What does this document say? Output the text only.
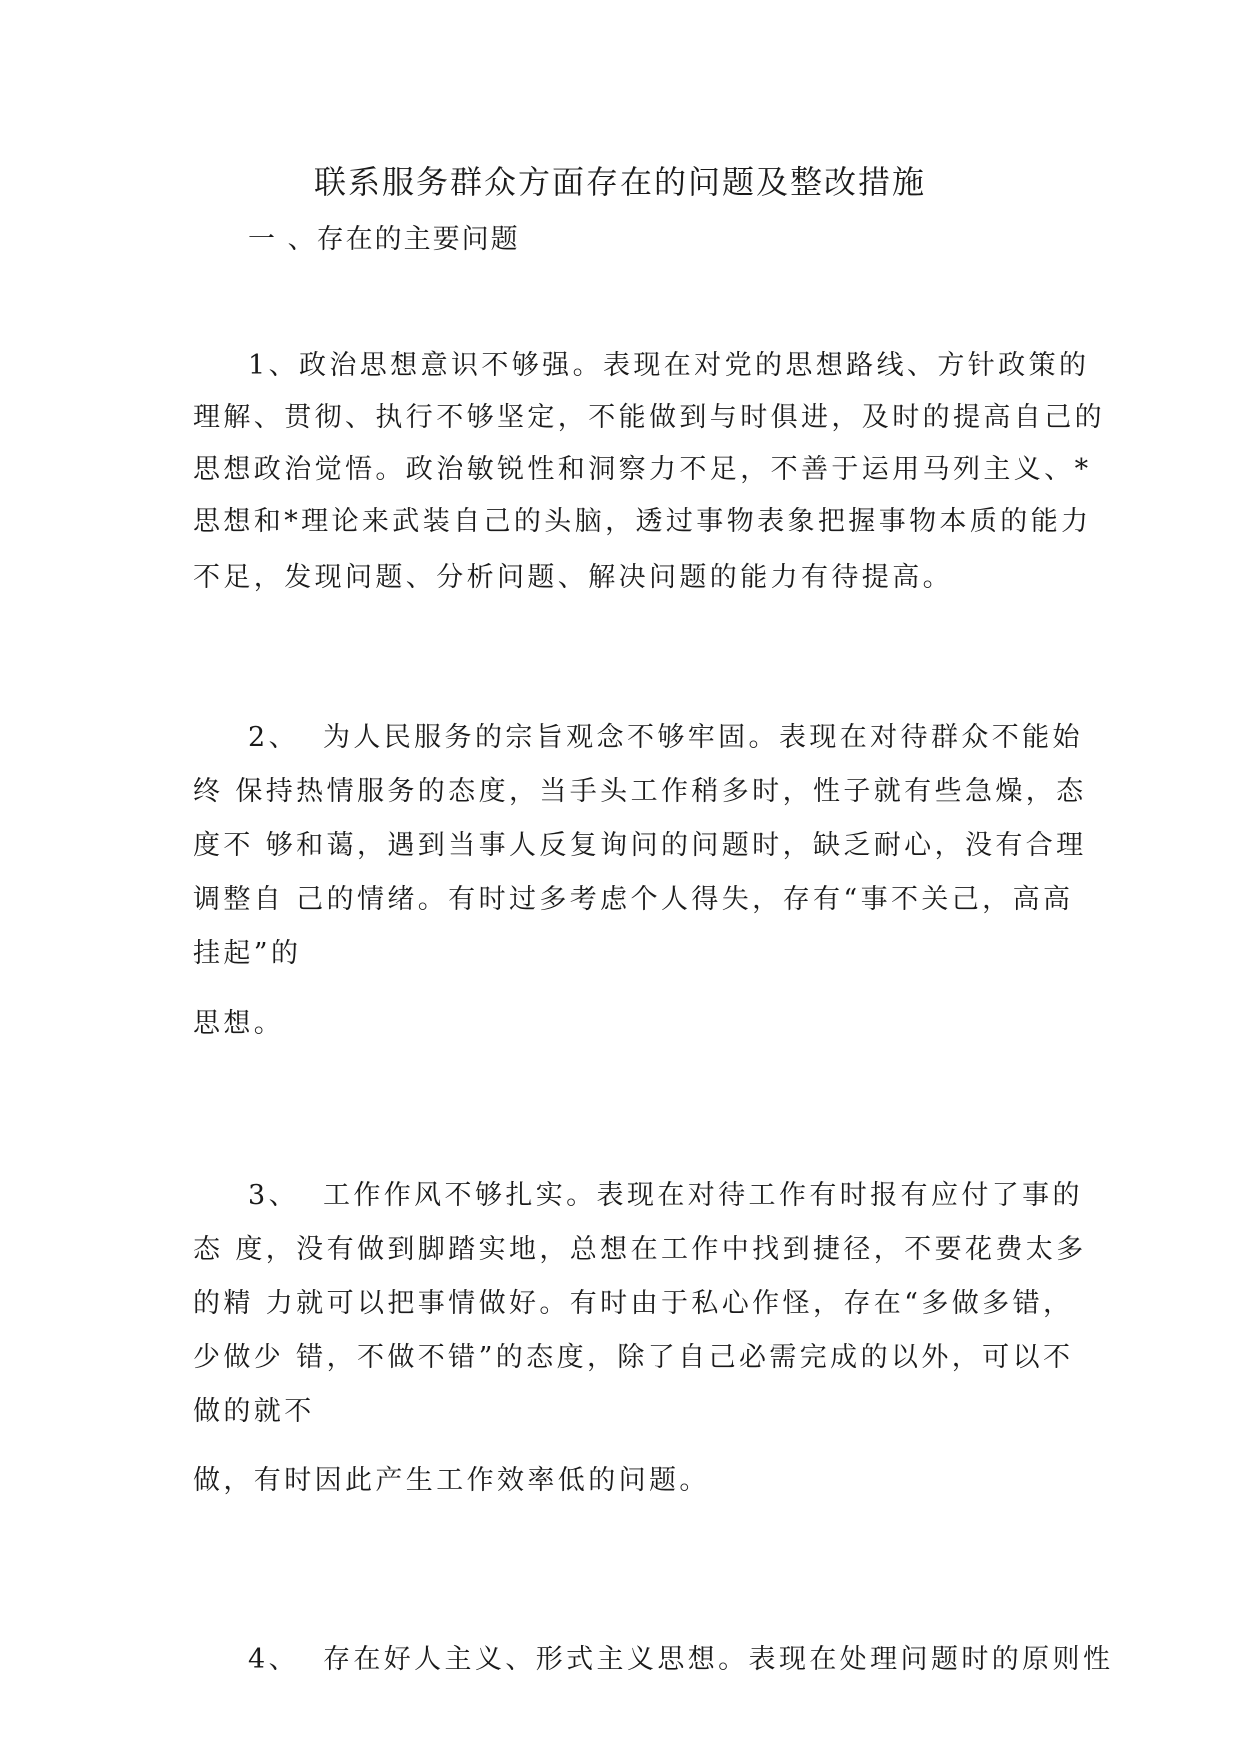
联系服务群众方面存在的问题及整改措施
一 、存在的主要问题
1、政治思想意识不够强。表现在对党的思想路线、方针政策的
理解、贯彻、执行不够坚定，不能做到与时俱进，及时的提高自己的
思想政治觉悟。政治敏锐性和洞察力不足，不善于运用马列主义、*
思想和*理论来武装自己的头脑，透过事物表象把握事物本质的能力
不足，发现问题、分析问题、解决问题的能力有待提高。
2、  为人民服务的宗旨观念不够牢固。表现在对待群众不能始
终 保持热情服务的态度，当手头工作稍多时，性子就有些急燥，态
度不 够和蔼，遇到当事人反复询问的问题时，缺乏耐心，没有合理
调整自 己的情绪。有时过多考虑个人得失，存有“事不关己，高高
挂起”的
思想。
3、  工作作风不够扎实。表现在对待工作有时报有应付了事的
态 度，没有做到脚踏实地，总想在工作中找到捷径，不要花费太多
的精 力就可以把事情做好。有时由于私心作怪，存在“多做多错，
少做少 错，不做不错”的态度，除了自己必需完成的以外，可以不
做的就不
做，有时因此产生工作效率低的问题。
4、  存在好人主义、形式主义思想。表现在处理问题时的原则性
